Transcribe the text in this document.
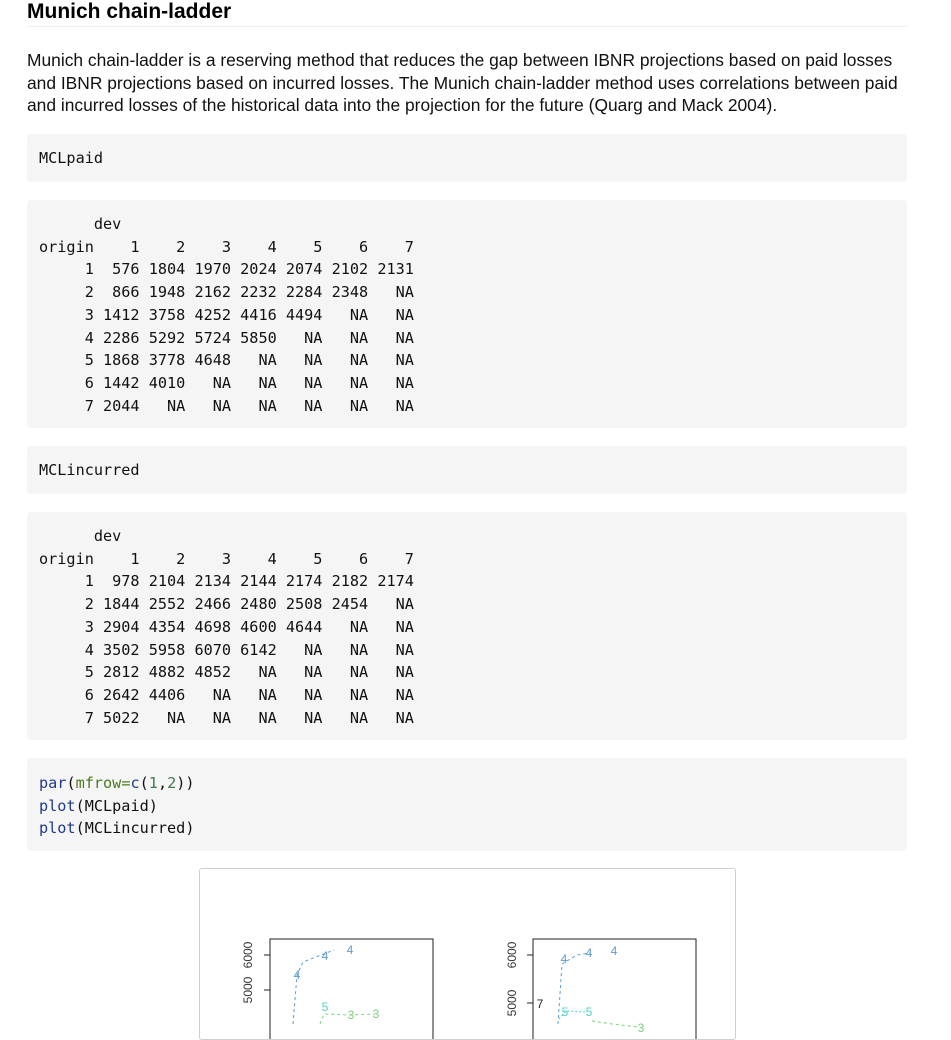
Munich chain-ladder

Munich chain-ladder is a reserving method that reduces the gap between IBNR projections based on paid losses and IBNR projections based on incurred losses. The Munich chain-ladder method uses correlations between paid and incurred losses of the historical data into the projection for the future (Quarg and Mack 2004).

MCLpaid
dev
origin    1    2    3    4    5    6    7
1  576 1804 1970 2024 2074 2102 2131
2  866 1948 2162 2232 2284 2348   NA
3 1412 3758 4252 4416 4494   NA   NA
4 2286 5292 5724 5850   NA   NA   NA
5 1868 3778 4648   NA   NA   NA   NA
6 1442 4010   NA   NA   NA   NA   NA
7 2044   NA   NA   NA   NA   NA   NA
MCLincurred
dev
origin    1    2    3    4    5    6    7
1  978 2104 2134 2144 2174 2182 2174
2 1844 2552 2466 2480 2508 2454   NA
3 2904 4354 4698 4600 4644   NA   NA
4 3502 5958 6070 6142   NA   NA   NA
5 2812 4882 4852   NA   NA   NA   NA
6 2642 4406   NA   NA   NA   NA   NA
7 5022   NA   NA   NA   NA   NA   NA
par(mfrow=c(1,2))
plot(MCLpaid)
plot(MCLincurred)
6000
5000
4
4 4
5
3 3
6000
5000
4 4 4
7
5 5
3
